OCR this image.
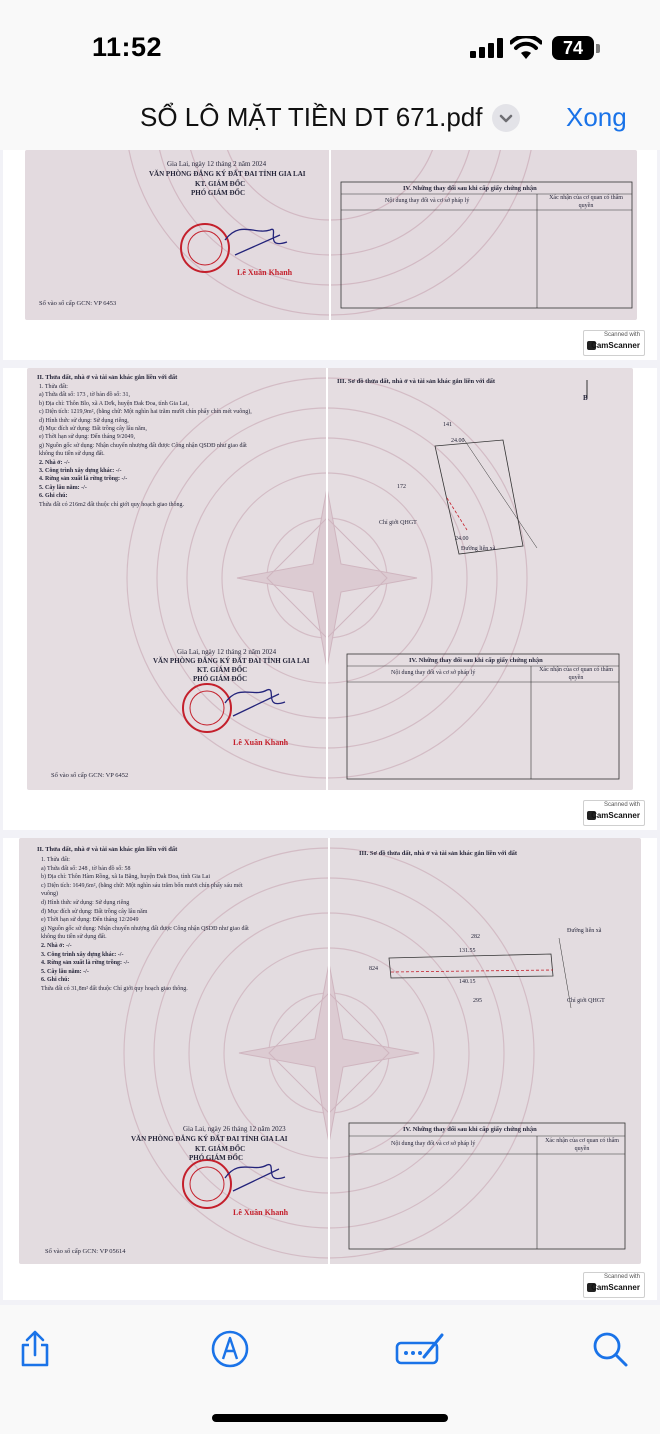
11:52	74
SỔ LÔ MẶT TIỀN DT 671.pdf	Xong
Gia Lai, ngày 12 tháng 2 năm 2024
VĂN PHÒNG ĐĂNG KÝ ĐẤT ĐAI TỈNH GIA LAI
KT. GIÁM ĐỐC
PHÓ GIÁM ĐỐC
Lê Xuân Khanh
Số vào sổ cấp GCN: VP 6453
IV. Những thay đổi sau khi cấp giấy chứng nhận
Nội dung thay đổi và cơ sở pháp lý	Xác nhận của cơ quan có thẩm quyền
Scanned with
CamScanner
II. Thửa đất, nhà ở và tài sản khác gắn liền với đất
III. Sơ đồ thửa đất, nhà ở và tài sản khác gắn liền với đất
B
1. Thửa đất:
a) Thửa đất số: 173 , tờ bản đồ số: 31,
b) Địa chỉ: Thôn Blo, xã A Dơk, huyện Đak Đoa, tỉnh Gia Lai,
c) Diện tích: 1219,9m², (bằng chữ: Một nghìn hai trăm mười chín phẩy chín mét vuông),
d) Hình thức sử dụng: Sử dụng riêng,
đ) Mục đích sử dụng: Đất trồng cây lâu năm,
e) Thời hạn sử dụng: Đến tháng 9/2049,
g) Nguồn gốc sử dụng: Nhận chuyển nhượng đất được Công nhận QSDĐ như giao đất
không thu tiền sử dụng đất.
2. Nhà ở: -/-
3. Công trình xây dựng khác: -/-
4. Rừng sản xuất là rừng trồng: -/-
5. Cây lâu năm: -/-
6. Ghi chú:
Thửa đất có 216m2 đất thuộc chỉ giới quy hoạch giao thông.
141
172
24.00
24.00
Đường liên xã
Chỉ giới QHGT
Gia Lai, ngày 12 tháng 2 năm 2024
VĂN PHÒNG ĐĂNG KÝ ĐẤT ĐAI TỈNH GIA LAI
KT. GIÁM ĐỐC
PHÓ GIÁM ĐỐC
Lê Xuân Khanh
Số vào sổ cấp GCN: VP 6452
IV. Những thay đổi sau khi cấp giấy chứng nhận
Nội dung thay đổi và cơ sở pháp lý	Xác nhận của cơ quan có thẩm quyền
Scanned with
CamScanner
II. Thửa đất, nhà ở và tài sản khác gắn liền với đất
III. Sơ đồ thửa đất, nhà ở và tài sản khác gắn liền với đất
1. Thửa đất:
a) Thửa đất số: 248 , tờ bản đồ số: 58
b) Địa chỉ: Thôn Hàm Rồng, xã Ia Băng, huyện Đak Đoa, tỉnh Gia Lai
c) Diện tích: 1649,6m², (bằng chữ: Một nghìn sáu trăm bốn mươi chín phẩy sáu mét
vuông)
d) Hình thức sử dụng: Sử dụng riêng
đ) Mục đích sử dụng: Đất trồng cây lâu năm
e) Thời hạn sử dụng: Đến tháng 12/2049
g) Nguồn gốc sử dụng: Nhận chuyển nhượng đất được Công nhận QSDĐ như giao đất
không thu tiền sử dụng đất.
2. Nhà ở: -/-
3. Công trình xây dựng khác: -/-
4. Rừng sản xuất là rừng trồng: -/-
5. Cây lâu năm: -/-
6. Ghi chú:
Thửa đất có 31,8m² đất thuộc Chỉ giới quy hoạch giao thông.
282
824
295
131.55
140.15
Đường liên xã
Chỉ giới QHGT
Gia Lai, ngày 26 tháng 12 năm 2023
VĂN PHÒNG ĐĂNG KÝ ĐẤT ĐAI TỈNH GIA LAI
KT. GIÁM ĐỐC
PHÓ GIÁM ĐỐC
Lê Xuân Khanh
Số vào sổ cấp GCN: VP 05614
IV. Những thay đổi sau khi cấp giấy chứng nhận
Nội dung thay đổi và cơ sở pháp lý	Xác nhận của cơ quan có thẩm quyền
Scanned with
CamScanner
